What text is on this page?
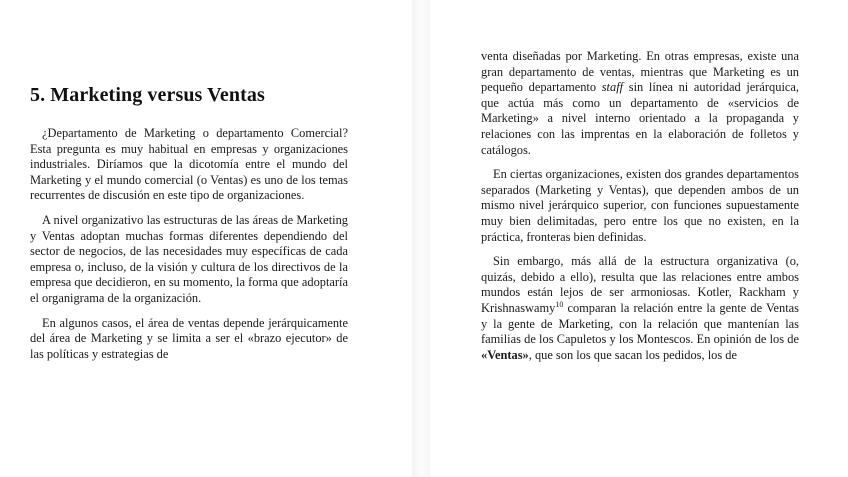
5. Marketing versus Ventas

¿Departamento de Marketing o departamento Comercial? Esta pregunta es muy habitual en empresas y organizaciones industriales. Diríamos que la dicotomía entre el mundo del Marketing y el mundo comercial (o Ventas) es uno de los temas recurrentes de discusión en este tipo de organizaciones.

A nivel organizativo las estructuras de las áreas de Marketing y Ventas adoptan muchas formas diferentes dependiendo del sector de negocios, de las necesidades muy específicas de cada empresa o, incluso, de la visión y cultura de los directivos de la empresa que decidieron, en su momento, la forma que adoptaría el organigrama de la organización.

En algunos casos, el área de ventas depende jerárquicamente del área de Marketing y se limita a ser el «brazo ejecutor» de las políticas y estrategias de

venta diseñadas por Marketing. En otras empresas, existe una gran departamento de ventas, mientras que Marketing es un pequeño departamento staff sin línea ni autoridad jerárquica, que actúa más como un departamento de «servicios de Marketing» a nivel interno orientado a la propaganda y relaciones con las imprentas en la elaboración de folletos y catálogos.

En ciertas organizaciones, existen dos grandes departamentos separados (Marketing y Ventas), que dependen ambos de un mismo nivel jerárquico superior, con funciones supuestamente muy bien delimitadas, pero entre los que no existen, en la práctica, fronteras bien definidas.

Sin embargo, más allá de la estructura organizativa (o, quizás, debido a ello), resulta que las relaciones entre ambos mundos están lejos de ser armoniosas. Kotler, Rackham y Krishnaswamy$^{10}$ comparan la relación entre la gente de Ventas y la gente de Marketing, con la relación que mantenían las familias de los Capuletos y los Montescos. En opinión de los de «Ventas», que son los que sacan los pedidos, los de
